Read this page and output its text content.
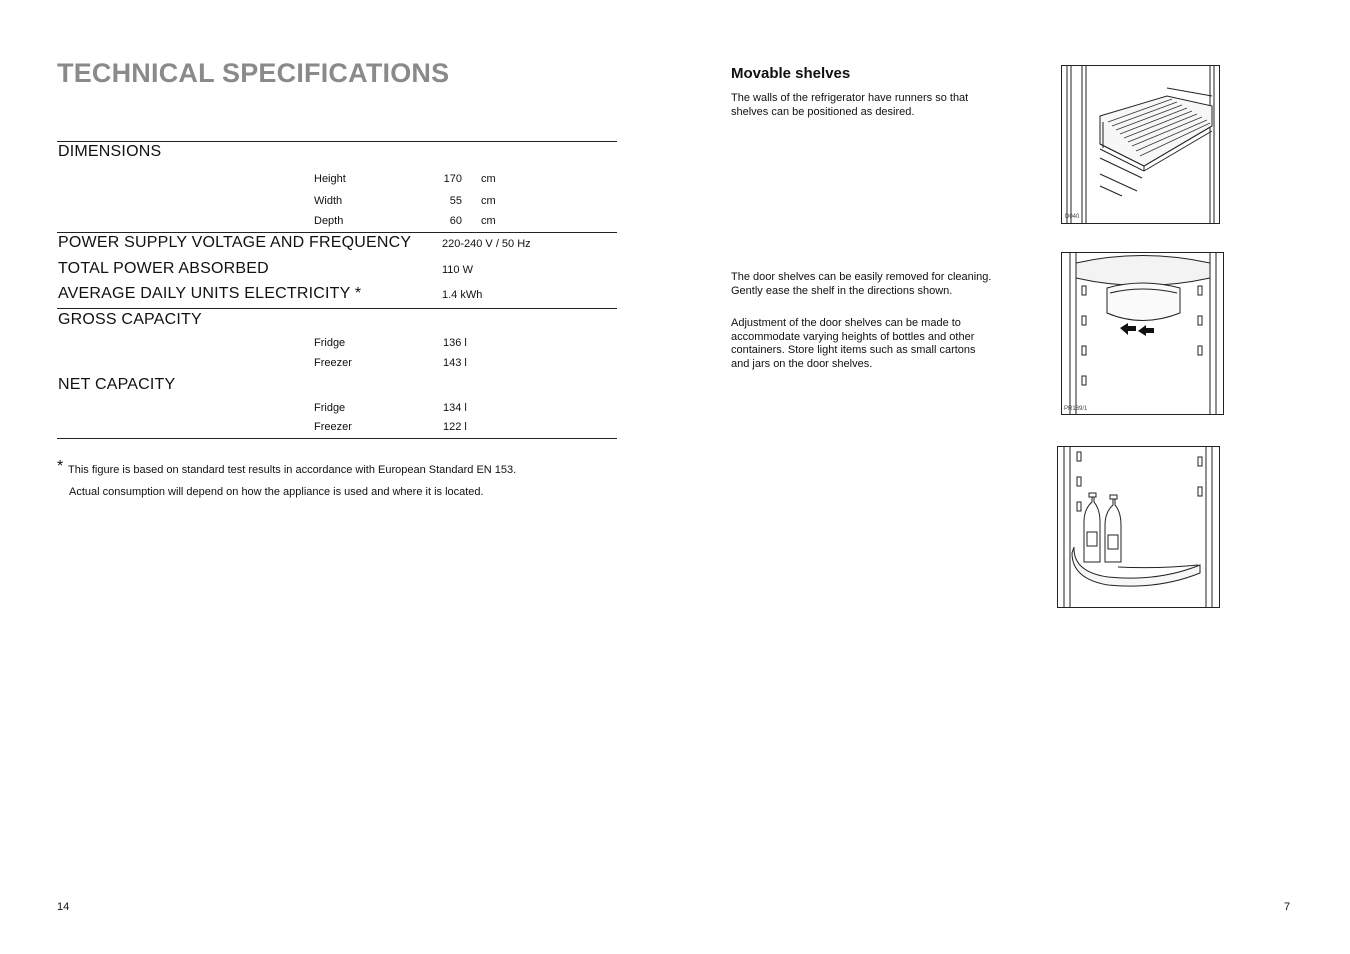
TECHNICAL SPECIFICATIONS
DIMENSIONS
Height	170 cm
Width	55 cm
Depth	60 cm
POWER SUPPLY VOLTAGE AND FREQUENCY	220-240 V / 50 Hz
TOTAL POWER ABSORBED	110 W
AVERAGE DAILY UNITS ELECTRICITY *	1.4 kWh
GROSS CAPACITY
Fridge	136 l
Freezer	143 l
NET CAPACITY
Fridge	134 l
Freezer	122 l
* This figure is based on standard test results in accordance with European Standard EN 153.
Actual consumption will depend on how the appliance is used and where it is located.
14
Movable shelves
The walls of the refrigerator have runners so that shelves can be positioned as desired.
The door shelves can be easily removed for cleaning. Gently ease the shelf in the directions shown.
Adjustment of the door shelves can be made to accommodate varying heights of bottles and other containers. Store light items such as small cartons and jars on the door shelves.
D040
PR189/1
7
